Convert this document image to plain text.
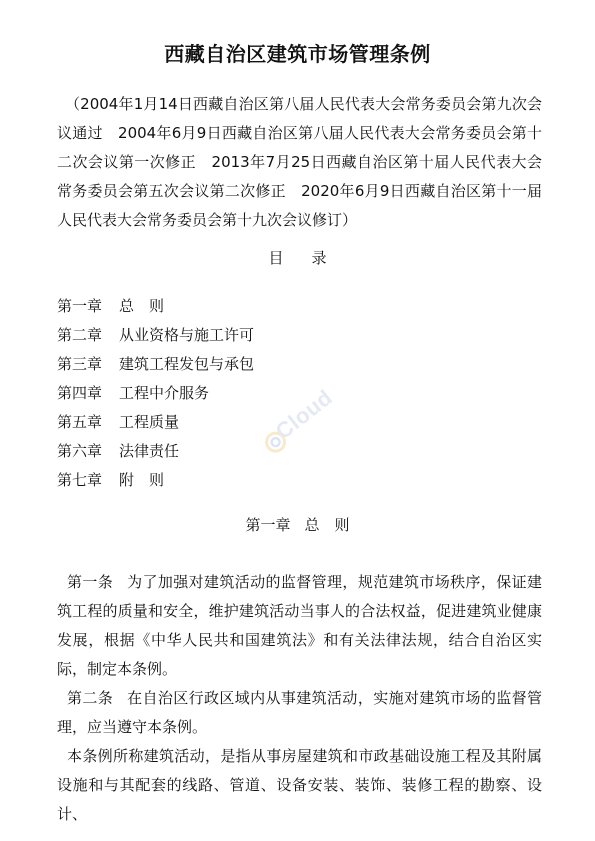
西藏自治区建筑市场管理条例
（2004年1月14日西藏自治区第八届人民代表大会常务委员会第九次会议通过　2004年6月9日西藏自治区第八届人民代表大会常务委员会第十二次会议第一次修正　2013年7月25日西藏自治区第十届人民代表大会常务委员会第五次会议第二次修正　2020年6月9日西藏自治区第十一届人民代表大会常务委员会第十九次会议修订）
目 录
第一章 总　则
第二章 从业资格与施工许可
第三章 建筑工程发包与承包
第四章 工程中介服务
第五章 工程质量
第六章 法律责任
第七章 附　则
Cloud
第一章 总　则

第一条 为了加强对建筑活动的监督管理，规范建筑市场秩序，保证建筑工程的质量和安全，维护建筑活动当事人的合法权益，促进建筑业健康发展，根据《中华人民共和国建筑法》和有关法律法规，结合自治区实际，制定本条例。

第二条 在自治区行政区域内从事建筑活动，实施对建筑市场的监督管理，应当遵守本条例。

本条例所称建筑活动，是指从事房屋建筑和市政基础设施工程及其附属设施和与其配套的线路、管道、设备安装、装饰、装修工程的勘察、设计、
